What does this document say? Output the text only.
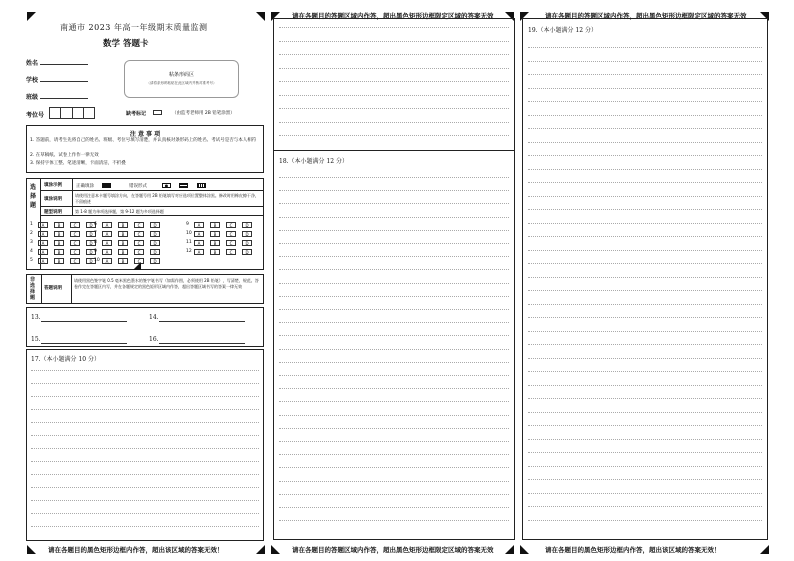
请在各题目的答题区域内作答，超出黑色矩形边框限定区域的答案无效	请在各题目的答题区域内作答，超出黑色矩形边框限定区域的答案无效
请在各题目的黑色矩形边框内作答，超出该区域的答案无效！	请在各题目的答题区域内作答，超出黑色矩形边框限定区域的答案无效	请在各题目的黑色矩形边框内作答，超出该区域的答案无效！
南通市 2023 年高一年级期末质量监测
数学 答题卡
姓名
学校
班级
考位号
粘条形码区
（请将条形码粘贴在此区域内并核对准考号）
缺考标记	（由监考老师用 2B 铅笔涂黑）
注 意 事 项
1. 答题前，请考生先将自己的姓名、班级、考位号填写清楚，并认真核对条形码上的姓名、考试号是否与本人相符
2. 在草稿纸、试卷上作作一律无效
3. 保持字体工整、笔迹清晰，卡面清洁，不折叠
选择题
填涂示例	正确填涂	错误形式	●
填涂说明
请使用注意本卡题号填涂方向，在答题号用 2B 铅笔填写对应选项位置整体涂黑。修改时用橡皮擦干净，不留痕迹
题型说明	第 1-8 题为单项选择题，第 9-12 题为多项选择题
1	A	B	C	D
2	A	B	C	D
3	A	B	C	D
4	A	B	C	D
5	A	B	C	D
6	A	B	C	D
7	A	B	C	D
8	A	B	C	D
9	A	B	C	D
10	A	B	C	D
9	A	B	C	D
10	A	B	C	D
11	A	B	C	D
12	A	B	C	D
非选择题
答题说明
请使用黑色签字笔 0.5 毫米黑色墨水的签字笔书写（如需作图，必须使用 2B 铅笔），写清楚、规范。答卷作完在答题区内写，并在各题规定的黑色矩形区域内作答，超出答题区域书写的答案一律无效
13.	14.
15.	16.
17.（本小题满分 10 分）
18.（本小题满分 12 分）
19.（本小题满分 12 分）
